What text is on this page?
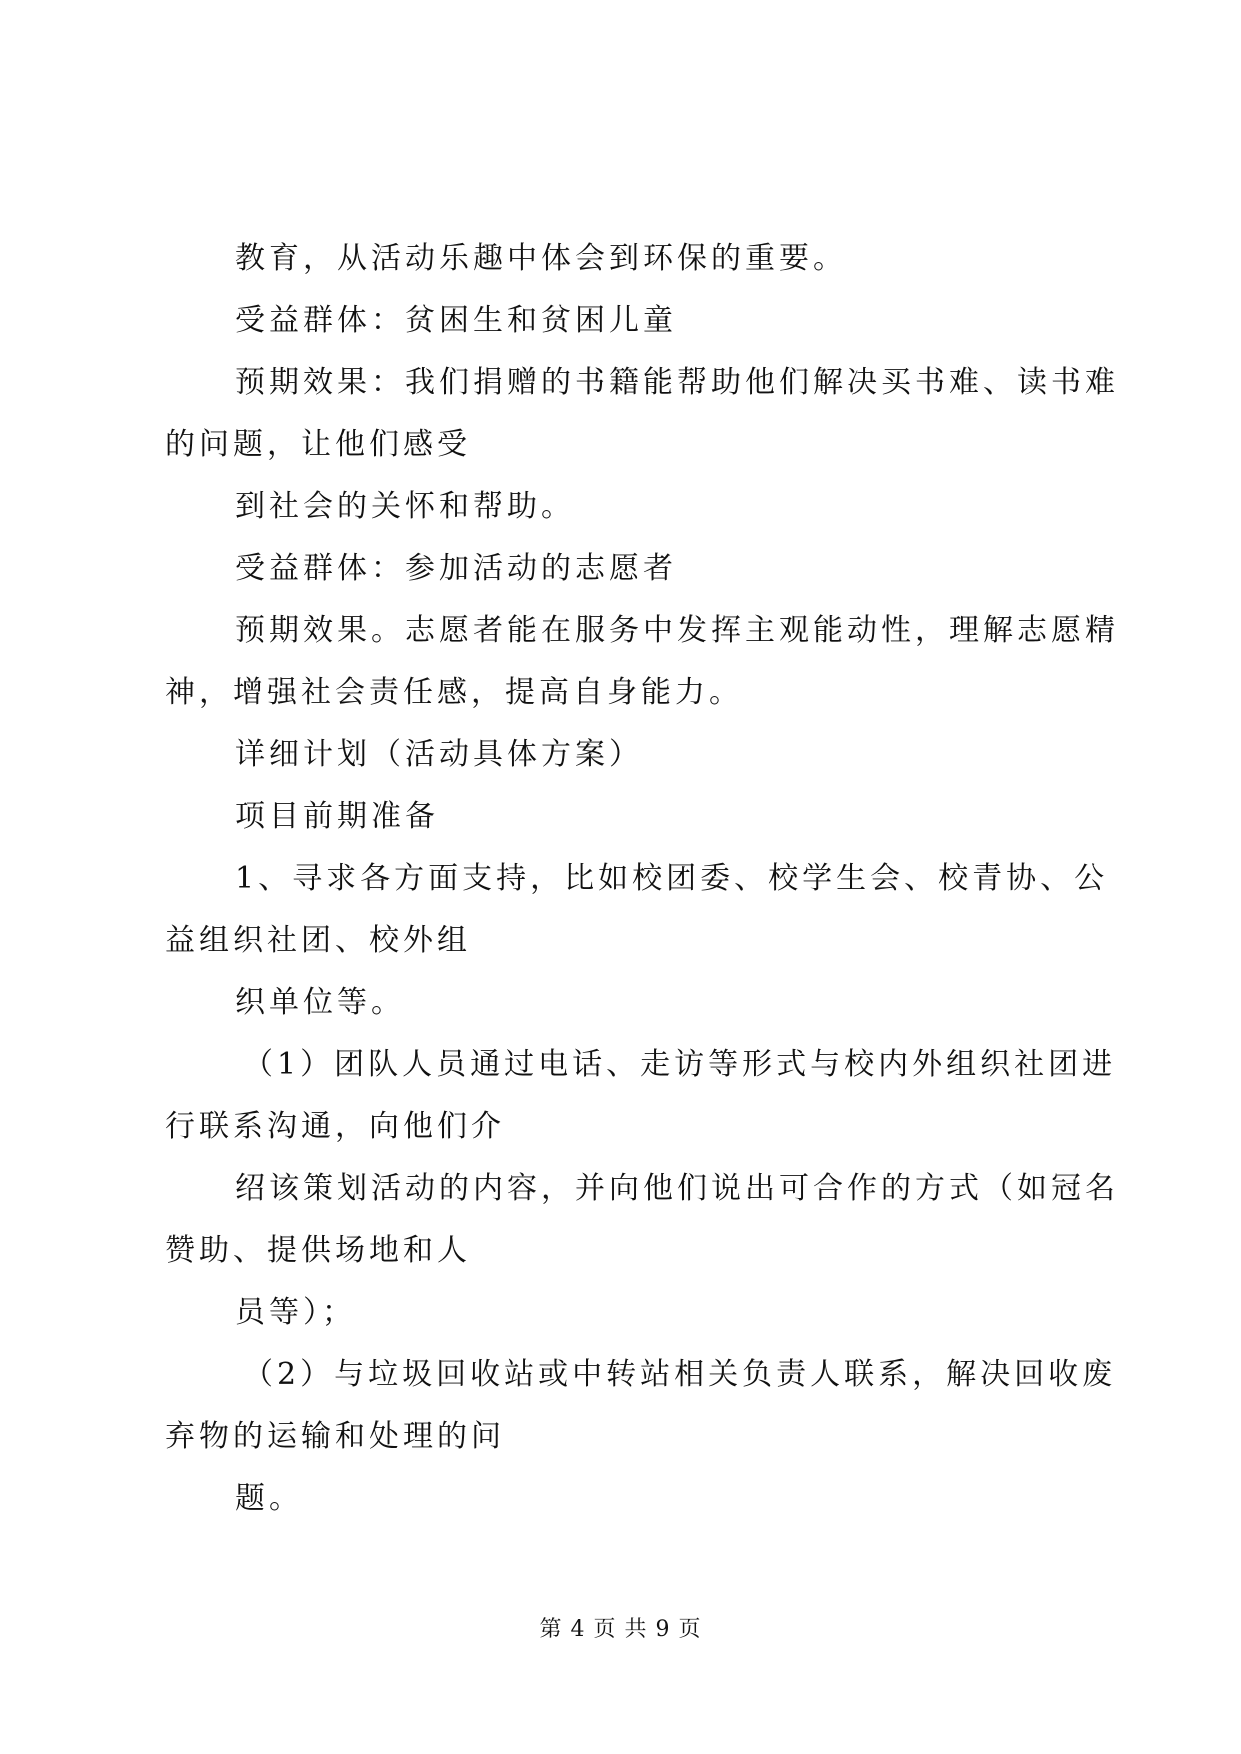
教育，从活动乐趣中体会到环保的重要。

受益群体：贫困生和贫困儿童

预期效果：我们捐赠的书籍能帮助他们解决买书难、读书难

的问题，让他们感受

到社会的关怀和帮助。

受益群体：参加活动的志愿者

预期效果。志愿者能在服务中发挥主观能动性，理解志愿精

神，增强社会责任感，提高自身能力。

详细计划（活动具体方案）

项目前期准备

1、寻求各方面支持，比如校团委、校学生会、校青协、公

益组织社团、校外组

织单位等。

（1）团队人员通过电话、走访等形式与校内外组织社团进

行联系沟通，向他们介

绍该策划活动的内容，并向他们说出可合作的方式（如冠名

赞助、提供场地和人

员等）；

（2）与垃圾回收站或中转站相关负责人联系，解决回收废

弃物的运输和处理的问

题。

第 4 页 共 9 页
